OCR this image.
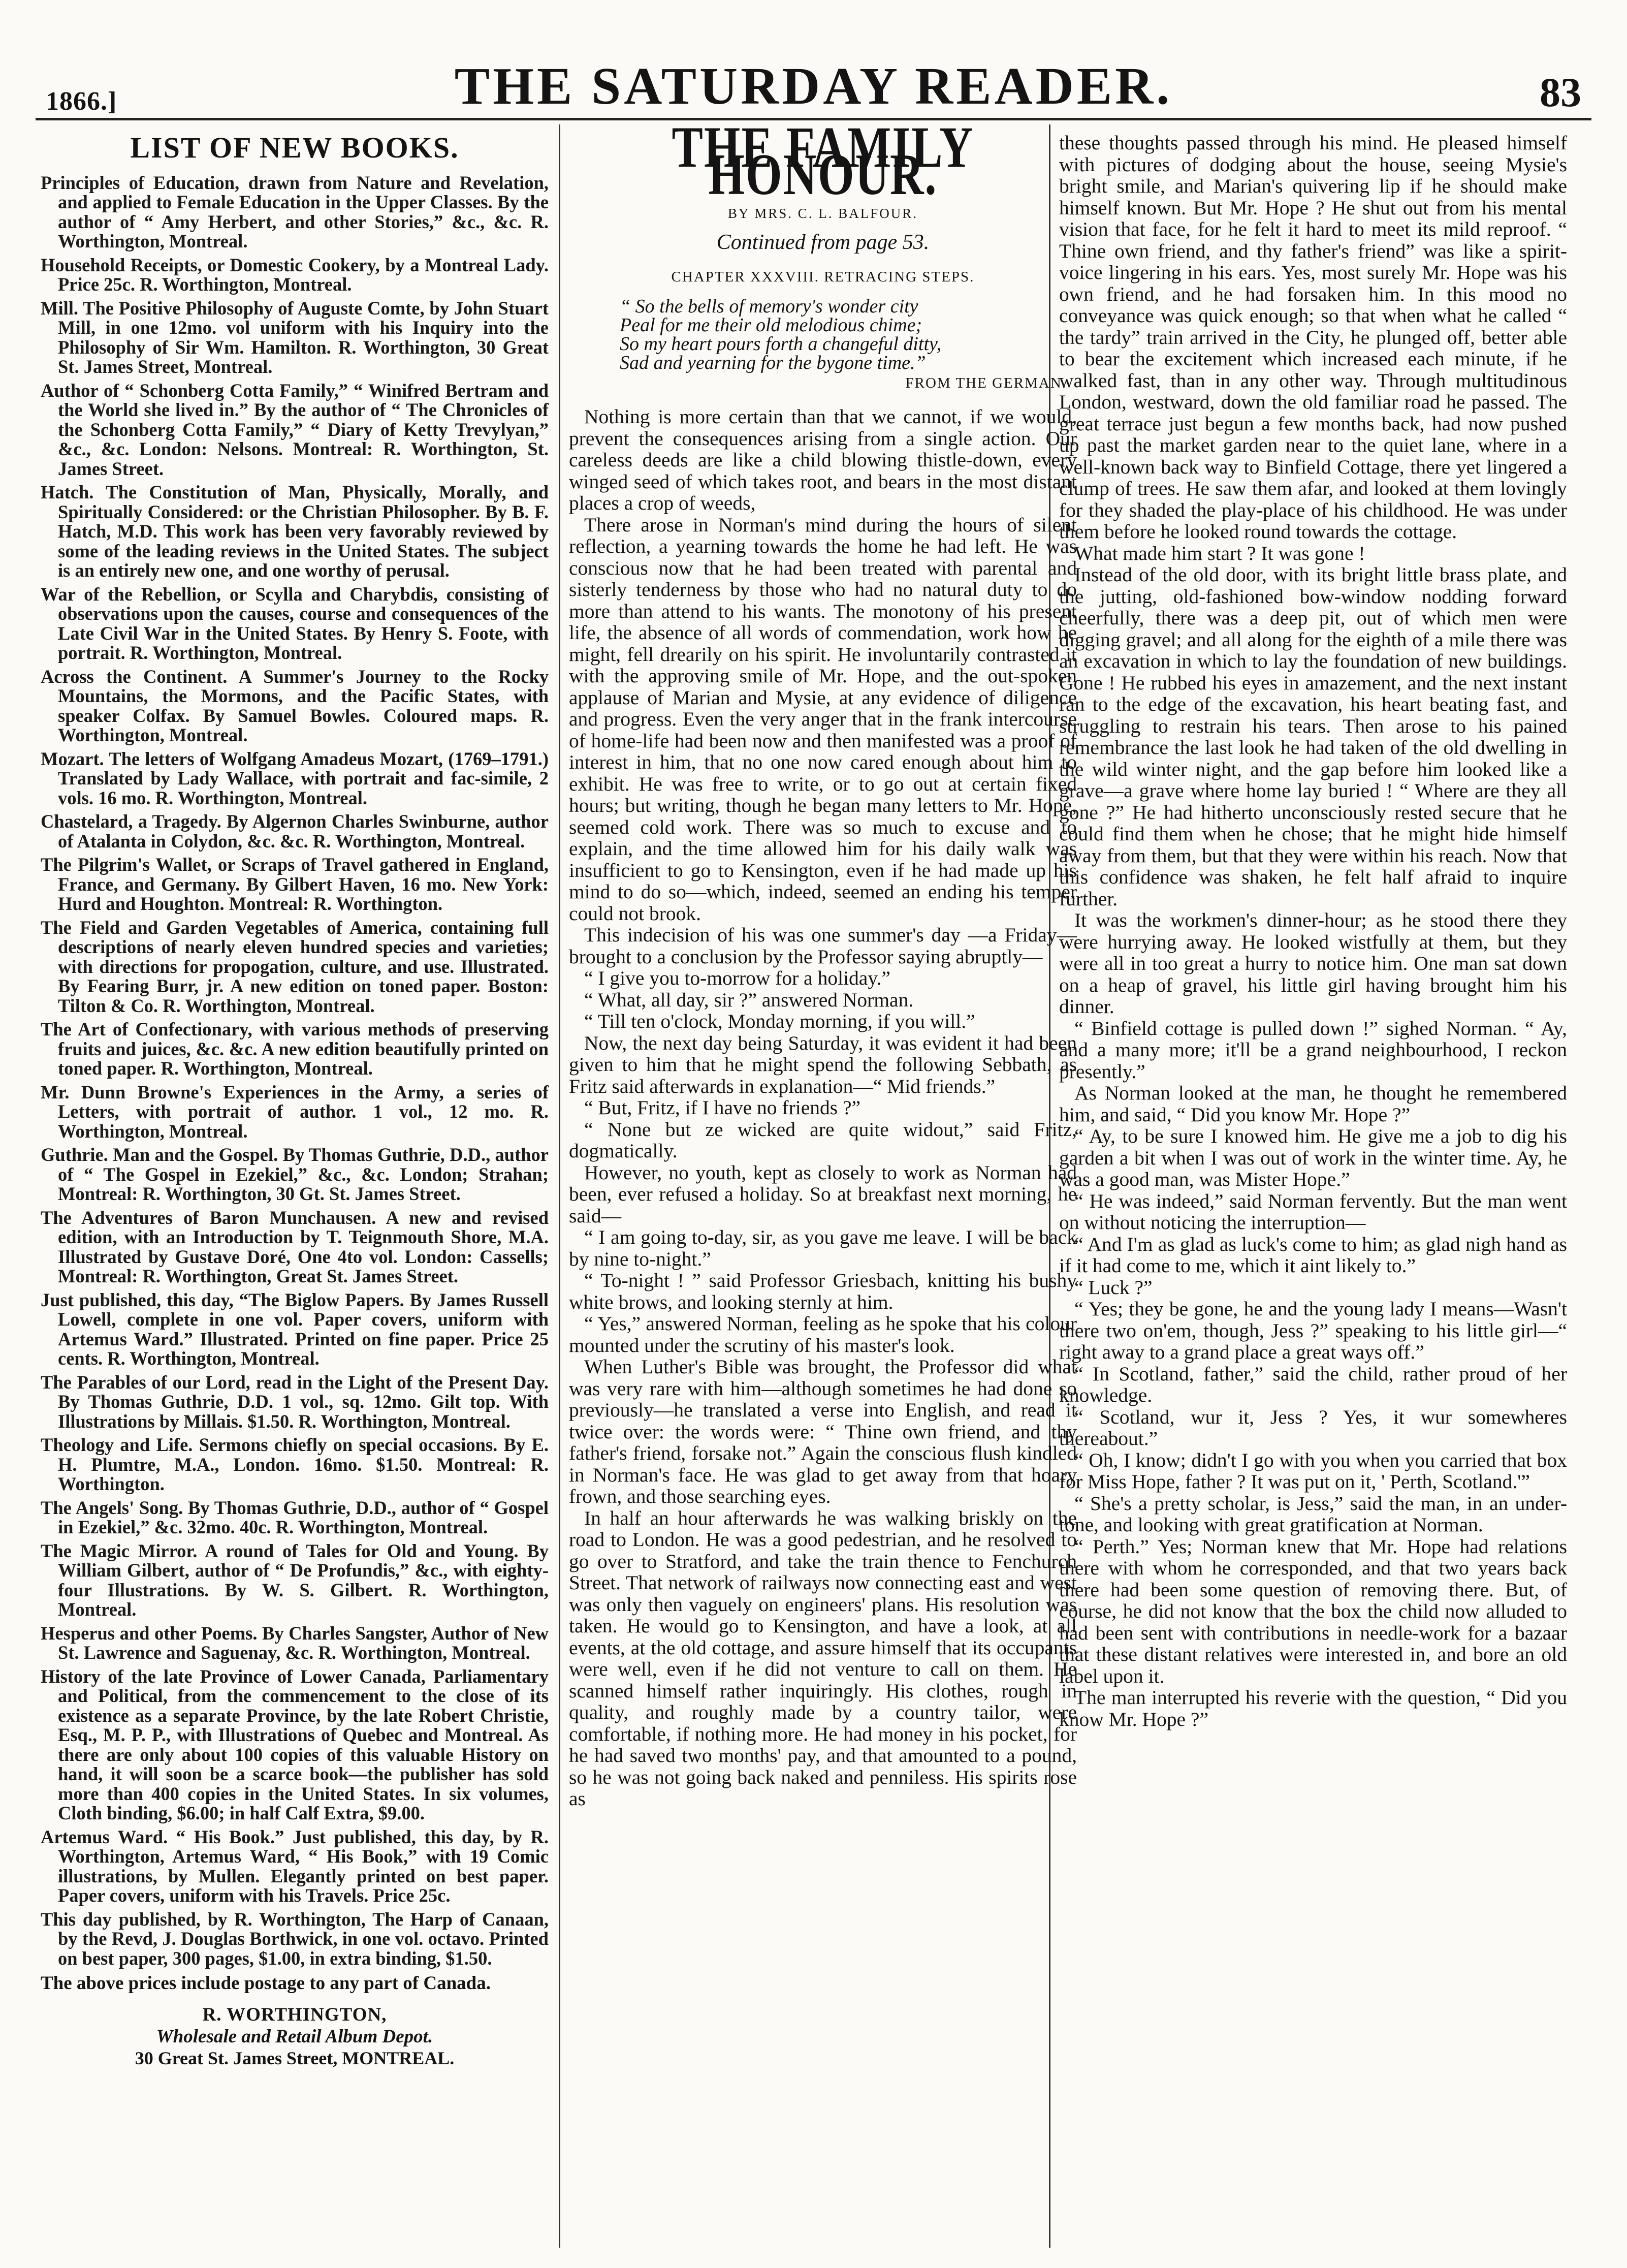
1866.]	THE SATURDAY READER.	83
LIST OF NEW BOOKS.

Principles of Education, drawn from Nature and Revelation, and applied to Female Education in the Upper Classes. By the author of “ Amy Herbert, and other Stories,” &c., &c. R. Worthington, Montreal.

Household Receipts, or Domestic Cookery, by a Montreal Lady. Price 25c. R. Worthington, Montreal.

Mill. The Positive Philosophy of Auguste Comte, by John Stuart Mill, in one 12mo. vol uniform with his Inquiry into the Philosophy of Sir Wm. Hamilton. R. Worthington, 30 Great St. James Street, Montreal.

Author of “ Schonberg Cotta Family,” “ Winifred Bertram and the World she lived in.” By the author of “ The Chronicles of the Schonberg Cotta Family,” “ Diary of Ketty Trevylyan,” &c., &c. London: Nelsons. Montreal: R. Worthington, St. James Street.

Hatch. The Constitution of Man, Physically, Morally, and Spiritually Considered: or the Christian Philosopher. By B. F. Hatch, M.D. This work has been very favorably reviewed by some of the leading reviews in the United States. The subject is an entirely new one, and one worthy of perusal.

War of the Rebellion, or Scylla and Charybdis, consisting of observations upon the causes, course and consequences of the Late Civil War in the United States. By Henry S. Foote, with portrait. R. Worthington, Montreal.

Across the Continent. A Summer's Journey to the Rocky Mountains, the Mormons, and the Pacific States, with speaker Colfax. By Samuel Bowles. Coloured maps. R. Worthington, Montreal.

Mozart. The letters of Wolfgang Amadeus Mozart, (1769–1791.) Translated by Lady Wallace, with portrait and fac-simile, 2 vols. 16 mo. R. Worthington, Montreal.

Chastelard, a Tragedy. By Algernon Charles Swinburne, author of Atalanta in Colydon, &c. &c. R. Worthington, Montreal.

The Pilgrim's Wallet, or Scraps of Travel gathered in England, France, and Germany. By Gilbert Haven, 16 mo. New York: Hurd and Houghton. Montreal: R. Worthington.

The Field and Garden Vegetables of America, containing full descriptions of nearly eleven hundred species and varieties; with directions for propogation, culture, and use. Illustrated. By Fearing Burr, jr. A new edition on toned paper. Boston: Tilton & Co. R. Worthington, Montreal.

The Art of Confectionary, with various methods of preserving fruits and juices, &c. &c. A new edition beautifully printed on toned paper. R. Worthington, Montreal.

Mr. Dunn Browne's Experiences in the Army, a series of Letters, with portrait of author. 1 vol., 12 mo. R. Worthington, Montreal.

Guthrie. Man and the Gospel. By Thomas Guthrie, D.D., author of “ The Gospel in Ezekiel,” &c., &c. London; Strahan; Montreal: R. Worthington, 30 Gt. St. James Street.

The Adventures of Baron Munchausen. A new and revised edition, with an Introduction by T. Teignmouth Shore, M.A. Illustrated by Gustave Doré, One 4to vol. London: Cassells; Montreal: R. Worthington, Great St. James Street.

Just published, this day, “The Biglow Papers. By James Russell Lowell, complete in one vol. Paper covers, uniform with Artemus Ward.” Illustrated. Printed on fine paper. Price 25 cents. R. Worthington, Montreal.

The Parables of our Lord, read in the Light of the Present Day. By Thomas Guthrie, D.D. 1 vol., sq. 12mo. Gilt top. With Illustrations by Millais. $1.50. R. Worthington, Montreal.

Theology and Life. Sermons chiefly on special occasions. By E. H. Plumtre, M.A., London. 16mo. $1.50. Montreal: R. Worthington.

The Angels' Song. By Thomas Guthrie, D.D., author of “ Gospel in Ezekiel,” &c. 32mo. 40c. R. Worthington, Montreal.

The Magic Mirror. A round of Tales for Old and Young. By William Gilbert, author of “ De Profundis,” &c., with eighty-four Illustrations. By W. S. Gilbert. R. Worthington, Montreal.

Hesperus and other Poems. By Charles Sangster, Author of New St. Lawrence and Saguenay, &c. R. Worthington, Montreal.

History of the late Province of Lower Canada, Parliamentary and Political, from the commencement to the close of its existence as a separate Province, by the late Robert Christie, Esq., M. P. P., with Illustrations of Quebec and Montreal. As there are only about 100 copies of this valuable History on hand, it will soon be a scarce book—the publisher has sold more than 400 copies in the United States. In six volumes, Cloth binding, $6.00; in half Calf Extra, $9.00.

Artemus Ward. “ His Book.” Just published, this day, by R. Worthington, Artemus Ward, “ His Book,” with 19 Comic illustrations, by Mullen. Elegantly printed on best paper. Paper covers, uniform with his Travels. Price 25c.

This day published, by R. Worthington, The Harp of Canaan, by the Revd, J. Douglas Borthwick, in one vol. octavo. Printed on best paper, 300 pages, $1.00, in extra binding, $1.50.

The above prices include postage to any part of Canada.
R. WORTHINGTON,
Wholesale and Retail Album Depot.
30 Great St. James Street, MONTREAL.
THE FAMILY HONOUR.
BY MRS. C. L. BALFOUR.
Continued from page 53.
CHAPTER XXXVIII. RETRACING STEPS.
“ So the bells of memory's wonder city
Peal for me their old melodious chime;
So my heart pours forth a changeful ditty,
Sad and yearning for the bygone time.”
FROM THE GERMAN.

Nothing is more certain than that we cannot, if we would, prevent the consequences arising from a single action. Our careless deeds are like a child blowing thistle-down, every winged seed of which takes root, and bears in the most distant places a crop of weeds,

There arose in Norman's mind during the hours of silent reflection, a yearning towards the home he had left. He was conscious now that he had been treated with parental and sisterly tenderness by those who had no natural duty to do more than attend to his wants. The monotony of his present life, the absence of all words of commendation, work how he might, fell drearily on his spirit. He involuntarily contrasted it with the approving smile of Mr. Hope, and the out-spoken applause of Marian and Mysie, at any evidence of diligence and progress. Even the very anger that in the frank intercourse of home-life had been now and then manifested was a proof of interest in him, that no one now cared enough about him to exhibit. He was free to write, or to go out at certain fixed hours; but writing, though he began many letters to Mr. Hope, seemed cold work. There was so much to excuse and to explain, and the time allowed him for his daily walk was insufficient to go to Kensington, even if he had made up his mind to do so—which, indeed, seemed an ending his temper could not brook.

This indecision of his was one summer's day —a Friday—brought to a conclusion by the Professor saying abruptly—

“ I give you to-morrow for a holiday.”

“ What, all day, sir ?” answered Norman.

“ Till ten o'clock, Monday morning, if you will.”

Now, the next day being Saturday, it was evident it had been given to him that he might spend the following Sebbath, as Fritz said afterwards in explanation—“ Mid friends.”

“ But, Fritz, if I have no friends ?”

“ None but ze wicked are quite widout,” said Fritz, dogmatically.

However, no youth, kept as closely to work as Norman had been, ever refused a holiday. So at breakfast next morning, he said—

“ I am going to-day, sir, as you gave me leave. I will be back by nine to-night.”

“ To-night ! ” said Professor Griesbach, knitting his bushy white brows, and looking sternly at him.

“ Yes,” answered Norman, feeling as he spoke that his colour mounted under the scrutiny of his master's look.

When Luther's Bible was brought, the Professor did what was very rare with him—although sometimes he had done so previously—he translated a verse into English, and read it twice over: the words were: “ Thine own friend, and thy father's friend, forsake not.” Again the conscious flush kindled in Norman's face. He was glad to get away from that hoary frown, and those searching eyes.

In half an hour afterwards he was walking briskly on the road to London. He was a good pedestrian, and he resolved to go over to Stratford, and take the train thence to Fenchurch Street. That network of railways now connecting east and west was only then vaguely on engineers' plans. His resolution was taken. He would go to Kensington, and have a look, at all events, at the old cottage, and assure himself that its occupants were well, even if he did not venture to call on them. He scanned himself rather inquiringly. His clothes, rough in quality, and roughly made by a country tailor, were comfortable, if nothing more. He had money in his pocket, for he had saved two months' pay, and that amounted to a pound, so he was not going back naked and penniless. His spirits rose as

these thoughts passed through his mind. He pleased himself with pictures of dodging about the house, seeing Mysie's bright smile, and Marian's quivering lip if he should make himself known. But Mr. Hope ? He shut out from his mental vision that face, for he felt it hard to meet its mild reproof. “ Thine own friend, and thy father's friend” was like a spirit-voice lingering in his ears. Yes, most surely Mr. Hope was his own friend, and he had forsaken him. In this mood no conveyance was quick enough; so that when what he called “ the tardy” train arrived in the City, he plunged off, better able to bear the excitement which increased each minute, if he walked fast, than in any other way. Through multitudinous London, westward, down the old familiar road he passed. The great terrace just begun a few months back, had now pushed up past the market garden near to the quiet lane, where in a well-known back way to Binfield Cottage, there yet lingered a clump of trees. He saw them afar, and looked at them lovingly for they shaded the play-place of his childhood. He was under them before he looked round towards the cottage.

What made him start ? It was gone !

Instead of the old door, with its bright little brass plate, and the jutting, old-fashioned bow-window nodding forward cheerfully, there was a deep pit, out of which men were digging gravel; and all along for the eighth of a mile there was an excavation in which to lay the foundation of new buildings. Gone ! He rubbed his eyes in amazement, and the next instant ran to the edge of the excavation, his heart beating fast, and struggling to restrain his tears. Then arose to his pained remembrance the last look he had taken of the old dwelling in the wild winter night, and the gap before him looked like a grave—a grave where home lay buried ! “ Where are they all gone ?” He had hitherto unconsciously rested secure that he could find them when he chose; that he might hide himself away from them, but that they were within his reach. Now that this confidence was shaken, he felt half afraid to inquire further.

It was the workmen's dinner-hour; as he stood there they were hurrying away. He looked wistfully at them, but they were all in too great a hurry to notice him. One man sat down on a heap of gravel, his little girl having brought him his dinner.

“ Binfield cottage is pulled down !” sighed Norman. “ Ay, and a many more; it'll be a grand neighbourhood, I reckon presently.”

As Norman looked at the man, he thought he remembered him, and said, “ Did you know Mr. Hope ?”

“ Ay, to be sure I knowed him. He give me a job to dig his garden a bit when I was out of work in the winter time. Ay, he was a good man, was Mister Hope.”

“ He was indeed,” said Norman fervently. But the man went on without noticing the interruption—

“ And I'm as glad as luck's come to him; as glad nigh hand as if it had come to me, which it aint likely to.”

“ Luck ?”

“ Yes; they be gone, he and the young lady I means—Wasn't there two on'em, though, Jess ?” speaking to his little girl—“ right away to a grand place a great ways off.”

“ In Scotland, father,” said the child, rather proud of her knowledge.

“ Scotland, wur it, Jess ? Yes, it wur somewheres thereabout.”

“ Oh, I know; didn't I go with you when you carried that box for Miss Hope, father ? It was put on it, ' Perth, Scotland.'”

“ She's a pretty scholar, is Jess,” said the man, in an under-tone, and looking with great gratification at Norman.

“ Perth.” Yes; Norman knew that Mr. Hope had relations there with whom he corresponded, and that two years back there had been some question of removing there. But, of course, he did not know that the box the child now alluded to had been sent with contributions in needle-work for a bazaar that these distant relatives were interested in, and bore an old label upon it.

The man interrupted his reverie with the question, “ Did you know Mr. Hope ?”
